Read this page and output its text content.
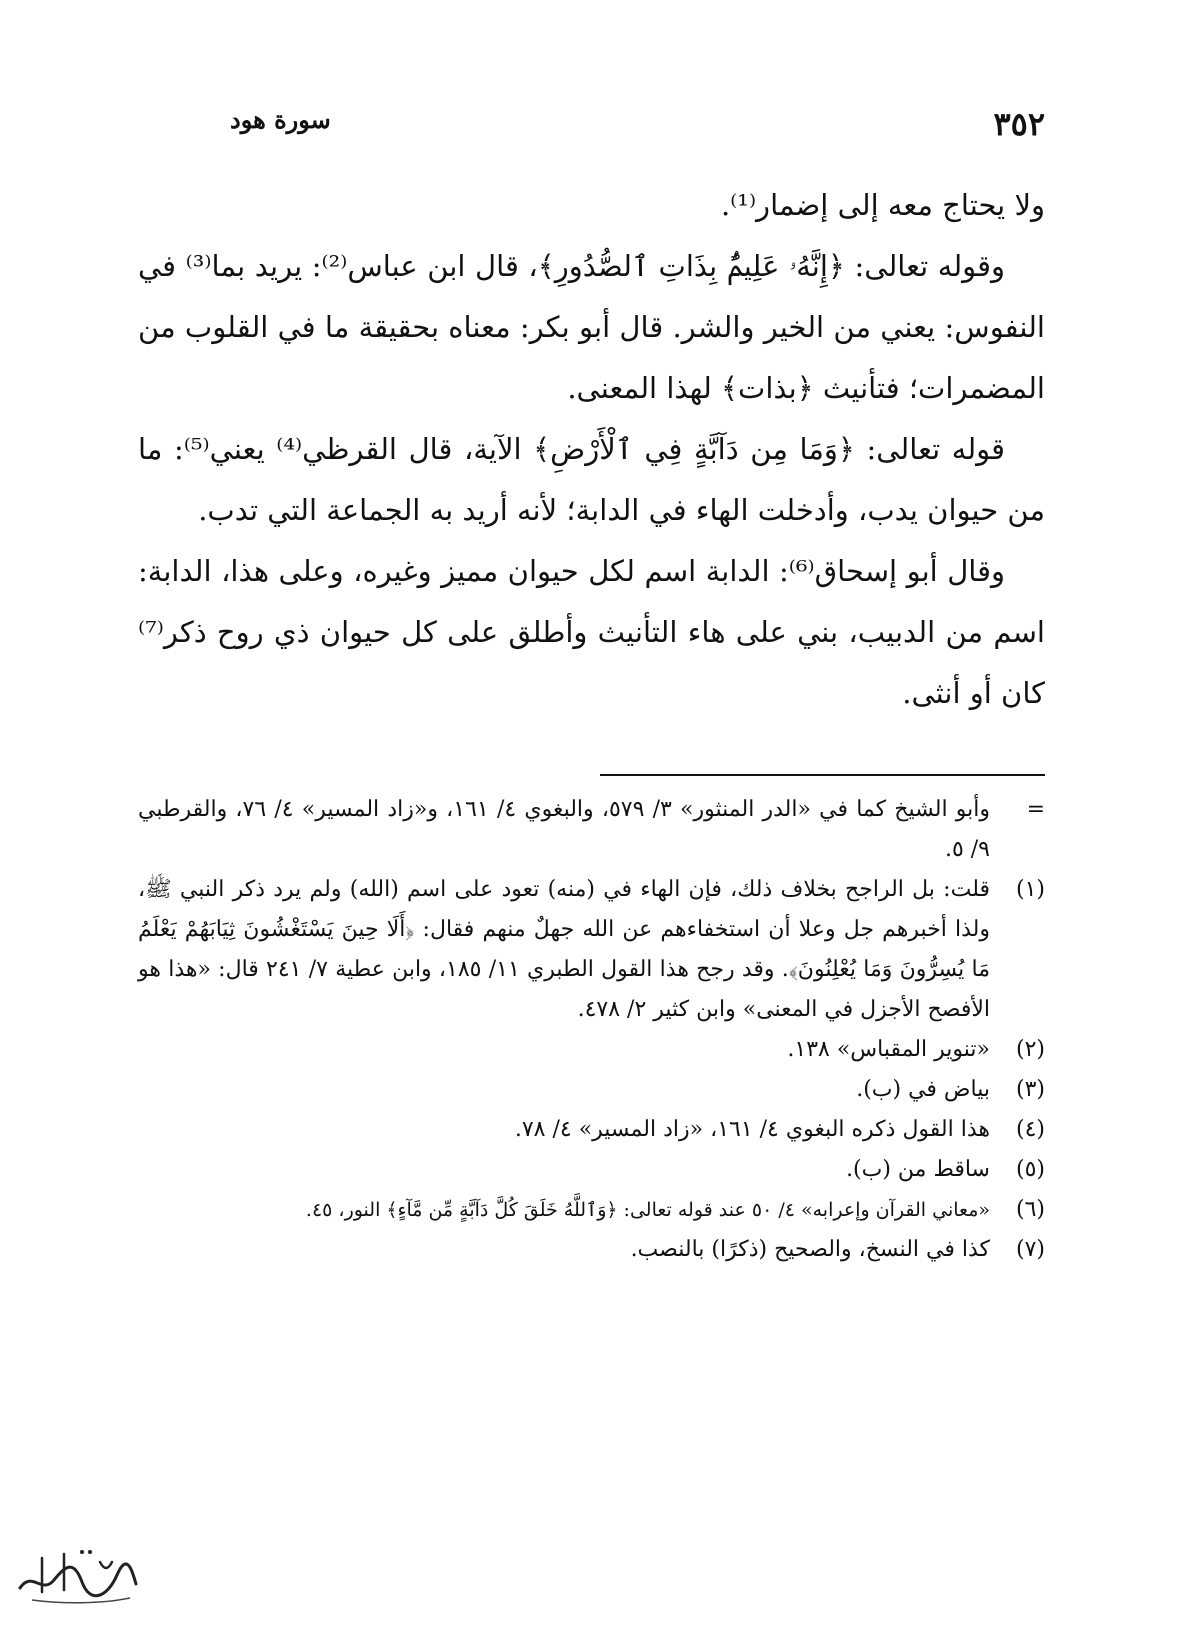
٣٥٢
سورة هود

ولا يحتاج معه إلى إضمار⁽¹⁾.

وقوله تعالى: ﴿إِنَّهُۥ عَلِيمٌۢ بِذَاتِ ٱلصُّدُورِ﴾، قال ابن عباس⁽²⁾: يريد بما⁽³⁾ في النفوس: يعني من الخير والشر. قال أبو بكر: معناه بحقيقة ما في القلوب من المضمرات؛ فتأنيث ﴿بذات﴾ لهذا المعنى.

قوله تعالى: ﴿وَمَا مِن دَآبَّةٍ فِي ٱلْأَرْضِ﴾ الآية، قال القرظي⁽⁴⁾ يعني⁽⁵⁾: ما من حيوان يدب، وأدخلت الهاء في الدابة؛ لأنه أريد به الجماعة التي تدب.

وقال أبو إسحاق⁽⁶⁾: الدابة اسم لكل حيوان مميز وغيره، وعلى هذا، الدابة: اسم من الدبيب، بني على هاء التأنيث وأطلق على كل حيوان ذي روح ذكر⁽⁷⁾ كان أو أنثى.

=
وأبو الشيخ كما في «الدر المنثور» ٣/ ٥٧٩، والبغوي ٤/ ١٦١، و«زاد المسير» ٤/ ٧٦، والقرطبي ٩/ ٥.
(١)
قلت: بل الراجح بخلاف ذلك، فإن الهاء في (منه) تعود على اسم (الله) ولم يرد ذكر النبي ﷺ، ولذا أخبرهم جل وعلا أن استخفاءهم عن الله جهلٌ منهم فقال: ﴿أَلَا حِينَ يَسْتَغْشُونَ ثِيَابَهُمْ يَعْلَمُ مَا يُسِرُّونَ وَمَا يُعْلِنُونَ﴾. وقد رجح هذا القول الطبري ١١/ ١٨٥، وابن عطية ٧/ ٢٤١ قال: «هذا هو الأفصح الأجزل في المعنى» وابن كثير ٢/ ٤٧٨.
(٢)
«تنوير المقباس» ١٣٨.
(٣)
بياض في (ب).
(٤)
هذا القول ذكره البغوي ٤/ ١٦١، «زاد المسير» ٤/ ٧٨.
(٥)
ساقط من (ب).
(٦)
«معاني القرآن وإعرابه» ٤/ ٥٠ عند قوله تعالى: ﴿وَٱللَّهُ خَلَقَ كُلَّ دَآبَّةٍ مِّن مَّآءٍ﴾ النور، ٤٥.
(٧)
كذا في النسخ، والصحيح (ذكرًا) بالنصب.
